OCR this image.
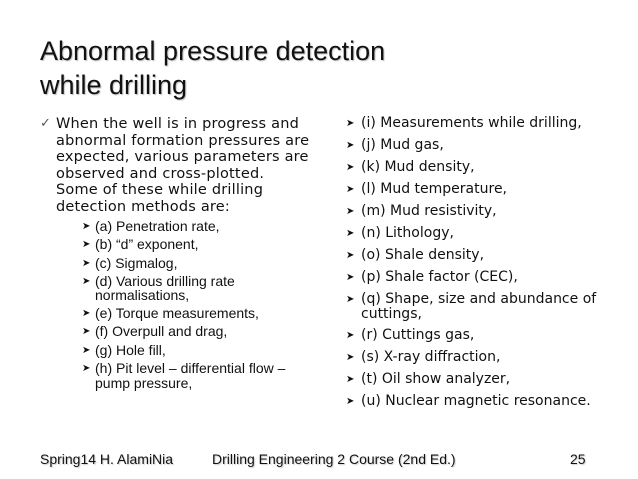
Abnormal pressure detection
while drilling
✓ When the well is in progress and abnormal formation pressures are expected, various parameters are observed and cross-plotted. Some of these while drilling detection methods are:
➤ (a) Penetration rate,
➤ (b) “d” exponent,
➤ (c) Sigmalog,
➤ (d) Various drilling rate normalisations,
➤ (e) Torque measurements,
➤ (f) Overpull and drag,
➤ (g) Hole fill,
➤ (h) Pit level – differential flow – pump pressure,
➤ (i) Measurements while drilling,
➤ (j) Mud gas,
➤ (k) Mud density,
➤ (l) Mud temperature,
➤ (m) Mud resistivity,
➤ (n) Lithology,
➤ (o) Shale density,
➤ (p) Shale factor (CEC),
➤ (q) Shape, size and abundance of cuttings,
➤ (r) Cuttings gas,
➤ (s) X-ray diffraction,
➤ (t) Oil show analyzer,
➤ (u) Nuclear magnetic resonance.
Spring14 H. AlamiNia	Drilling Engineering 2 Course (2nd Ed.)	25
